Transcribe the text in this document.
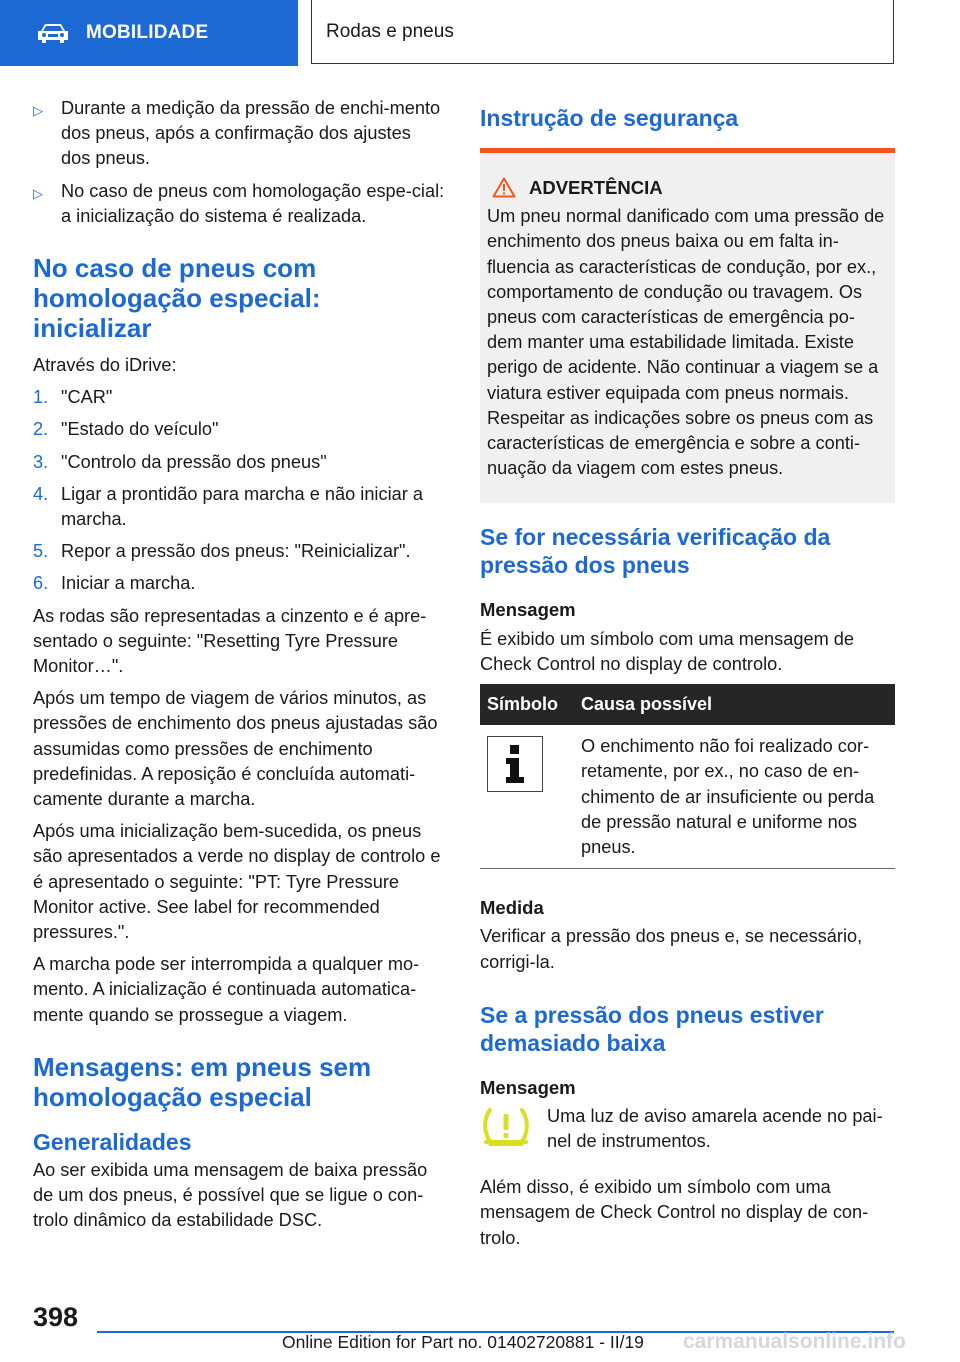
MOBILIDADE	Rodas e pneus
▷ Durante a medição da pressão de enchi-mento dos pneus, após a confirmação dos ajustes dos pneus.
▷ No caso de pneus com homologação espe-cial: a inicialização do sistema é realizada.
No caso de pneus com homologação especial: inicializar

Através do iDrive:

1. "CAR"
2. "Estado do veículo"
3. "Controlo da pressão dos pneus"
4. Ligar a prontidão para marcha e não iniciar a marcha.
5. Repor a pressão dos pneus: "Reinicializar".
6. Iniciar a marcha.

As rodas são representadas a cinzento e é apre-sentado o seguinte: "Resetting Tyre Pressure Monitor…".

Após um tempo de viagem de vários minutos, as pressões de enchimento dos pneus ajustadas são assumidas como pressões de enchimento predefinidas. A reposição é concluída automati-camente durante a marcha.

Após uma inicialização bem-sucedida, os pneus são apresentados a verde no display de controlo e é apresentado o seguinte: "PT: Tyre Pressure Monitor active. See label for recommended pressures.".

A marcha pode ser interrompida a qualquer mo-mento. A inicialização é continuada automatica-mente quando se prossegue a viagem.

Mensagens: em pneus sem homologação especial
Generalidades

Ao ser exibida uma mensagem de baixa pressão de um dos pneus, é possível que se ligue o con-trolo dinâmico da estabilidade DSC.

Instrução de segurança
ADVERTÊNCIA
Um pneu normal danificado com uma pressão de enchimento dos pneus baixa ou em falta in-fluencia as características de condução, por ex., comportamento de condução ou travagem. Os pneus com características de emergência po-dem manter uma estabilidade limitada. Existe perigo de acidente. Não continuar a viagem se a viatura estiver equipada com pneus normais. Respeitar as indicações sobre os pneus com as características de emergência e sobre a conti-nuação da viagem com estes pneus.
Se for necessária verificação da pressão dos pneus
Mensagem

É exibido um símbolo com uma mensagem de Check Control no display de controlo.

Símbolo	Causa possível

	O enchimento não foi realizado cor-retamente, por ex., no caso de en-chimento de ar insuficiente ou perda de pressão natural e uniforme nos pneus.
Medida

Verificar a pressão dos pneus e, se necessário, corrigi-la.

Se a pressão dos pneus estiver demasiado baixa
Mensagem
Uma luz de aviso amarela acende no pai-nel de instrumentos.

Além disso, é exibido um símbolo com uma mensagem de Check Control no display de con-trolo.

398
Online Edition for Part no. 01402720881 - II/19 carmanualsonline.info
